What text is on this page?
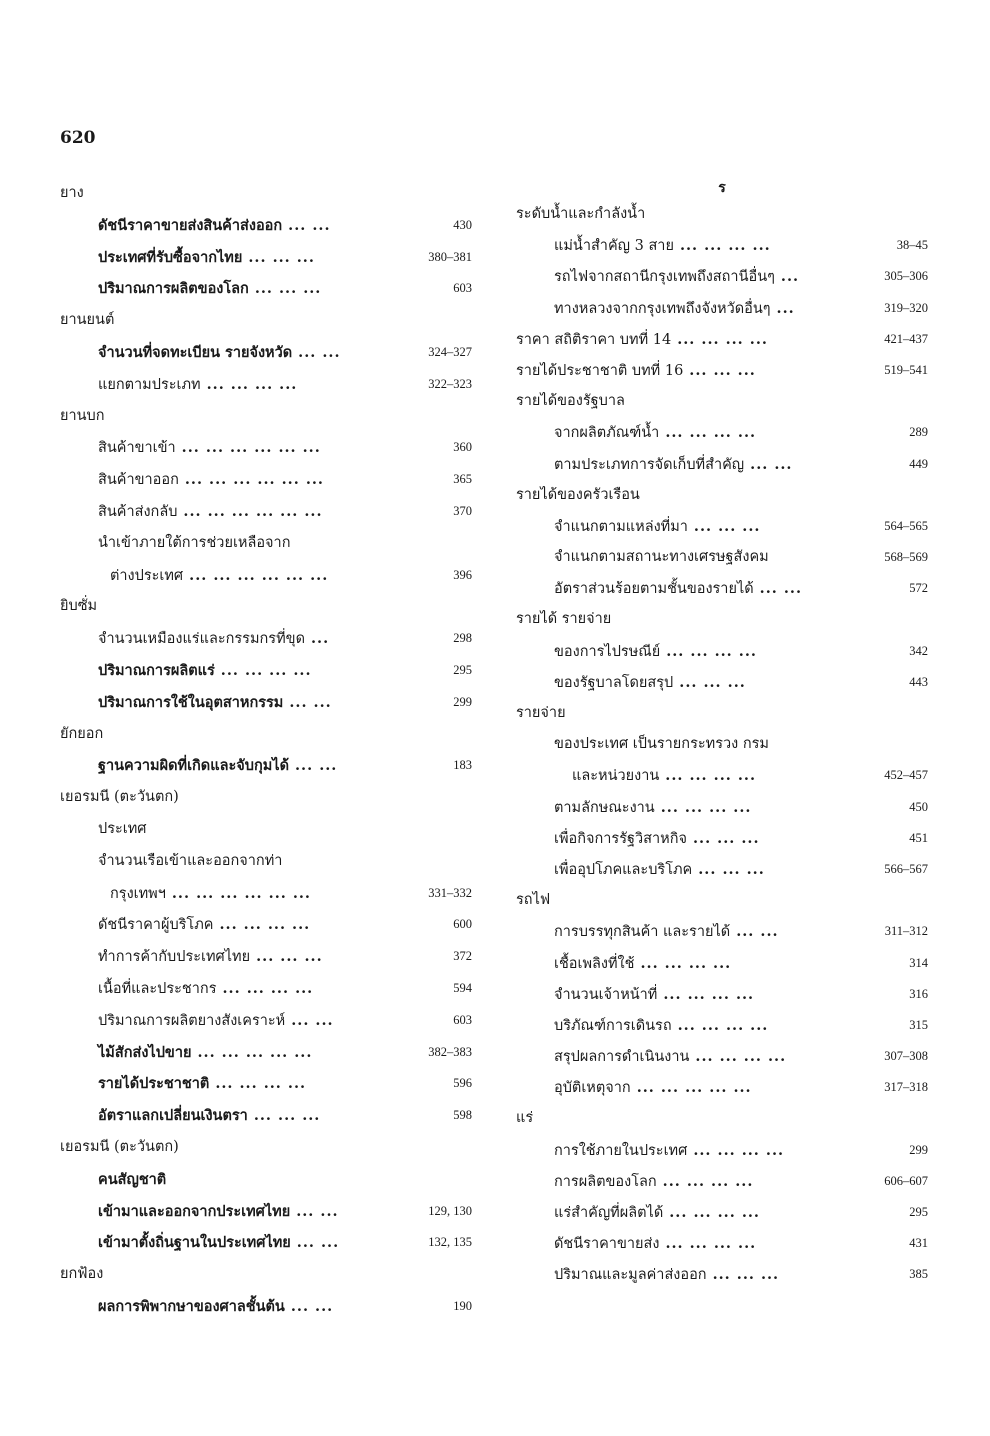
620
ยาง
ดัชนีราคาขายส่งสินค้าส่งออก ... ...	430
ประเทศที่รับซื้อจากไทย ... ... ...	380–381
ปริมาณการผลิตของโลก ... ... ...	603
ยานยนต์
จำนวนที่จดทะเบียน รายจังหวัด ... ...	324–327
แยกตามประเภท ... ... ... ...	322–323
ยานบก
สินค้าขาเข้า ... ... ... ... ... ...	360
สินค้าขาออก ... ... ... ... ... ...	365
สินค้าส่งกลับ ... ... ... ... ... ...	370
นำเข้าภายใต้การช่วยเหลือจาก
ต่างประเทศ ... ... ... ... ... ...	396
ยิบซั่ม
จำนวนเหมืองแร่และกรรมกรที่ขุด ...	298
ปริมาณการผลิตแร่ ... ... ... ...	295
ปริมาณการใช้ในอุตสาหกรรม ... ...	299
ยักยอก
ฐานความผิดที่เกิดและจับกุมได้ ... ...	183
เยอรมนี (ตะวันตก)
ประเทศ
จำนวนเรือเข้าและออกจากท่า
กรุงเทพฯ ... ... ... ... ... ...	331–332
ดัชนีราคาผู้บริโภค ... ... ... ...	600
ทำการค้ากับประเทศไทย ... ... ...	372
เนื้อที่และประชากร ... ... ... ...	594
ปริมาณการผลิตยางสังเคราะห์ ... ...	603
ไม้สักส่งไปขาย ... ... ... ... ...	382–383
รายได้ประชาชาติ ... ... ... ...	596
อัตราแลกเปลี่ยนเงินตรา ... ... ...	598
เยอรมนี (ตะวันตก)
คนสัญชาติ
เข้ามาและออกจากประเทศไทย ... ...	129, 130
เข้ามาตั้งถิ่นฐานในประเทศไทย ... ...	132, 135
ยกฟ้อง
ผลการพิพากษาของศาลชั้นต้น ... ...	190
ร
ระดับน้ำและกำลังน้ำ
แม่น้ำสำคัญ 3 สาย ... ... ... ...	38–45
รถไฟจากสถานีกรุงเทพถึงสถานีอื่นๆ ...	305–306
ทางหลวงจากกรุงเทพถึงจังหวัดอื่นๆ ...	319–320
ราคา สถิติราคา บทที่ 14 ... ... ... ...	421–437
รายได้ประชาชาติ บทที่ 16 ... ... ...	519–541
รายได้ของรัฐบาล
จากผลิตภัณฑ์น้ำ ... ... ... ...	289
ตามประเภทการจัดเก็บที่สำคัญ ... ...	449
รายได้ของครัวเรือน
จำแนกตามแหล่งที่มา ... ... ...	564–565
จำแนกตามสถานะทางเศรษฐสังคม	568–569
อัตราส่วนร้อยตามชั้นของรายได้ ... ...	572
รายได้ รายจ่าย
ของการไปรษณีย์ ... ... ... ...	342
ของรัฐบาลโดยสรุป ... ... ...	443
รายจ่าย
ของประเทศ เป็นรายกระทรวง กรม
และหน่วยงาน ... ... ... ...	452–457
ตามลักษณะงาน ... ... ... ...	450
เพื่อกิจการรัฐวิสาหกิจ ... ... ...	451
เพื่ออุปโภคและบริโภค ... ... ...	566–567
รถไฟ
การบรรทุกสินค้า และรายได้ ... ...	311–312
เชื้อเพลิงที่ใช้ ... ... ... ...	314
จำนวนเจ้าหน้าที่ ... ... ... ...	316
บริภัณฑ์การเดินรถ ... ... ... ...	315
สรุปผลการดำเนินงาน ... ... ... ...	307–308
อุบัติเหตุจาก ... ... ... ... ...	317–318
แร่
การใช้ภายในประเทศ ... ... ... ...	299
การผลิตของโลก ... ... ... ...	606–607
แร่สำคัญที่ผลิตได้ ... ... ... ...	295
ดัชนีราคาขายส่ง ... ... ... ...	431
ปริมาณและมูลค่าส่งออก ... ... ...	385
